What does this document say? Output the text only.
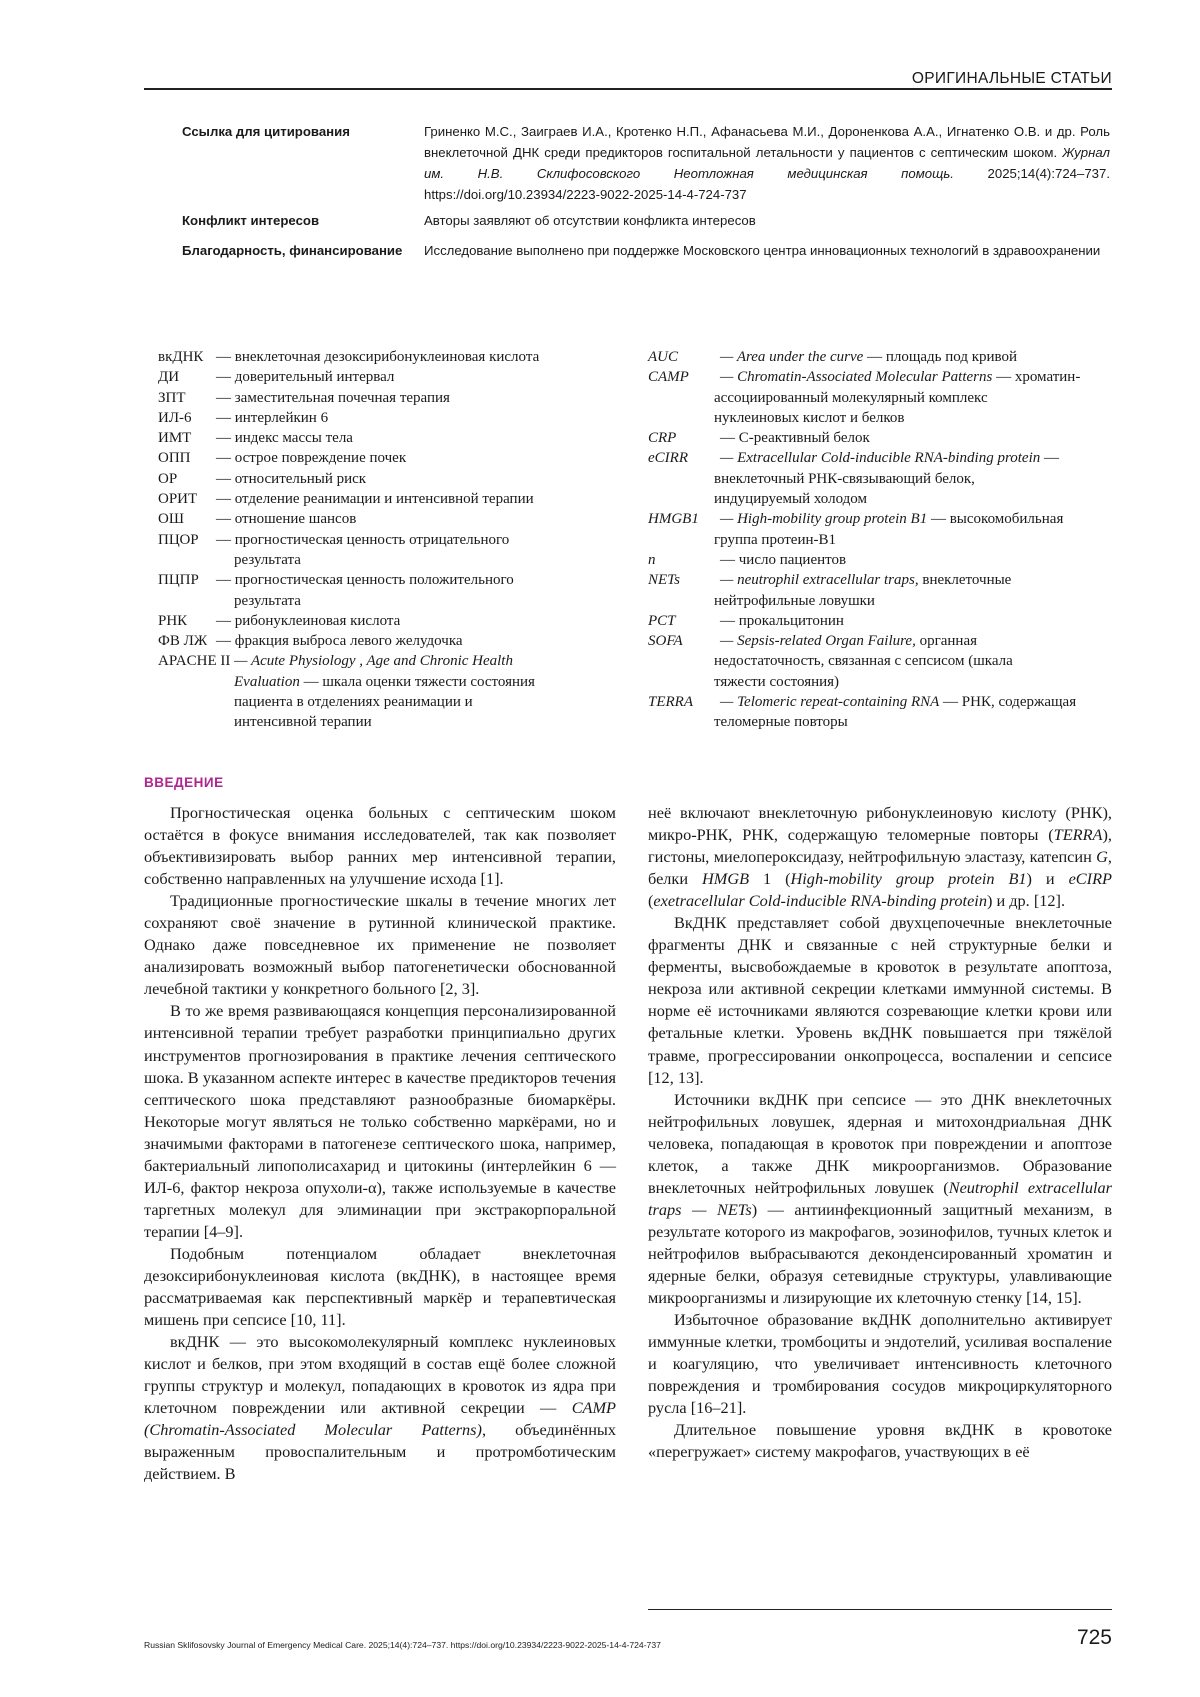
ОРИГИНАЛЬНЫЕ СТАТЬИ
Ссылка для цитирования	Гриненко М.С., Заиграев И.А., Кротенко Н.П., Афанасьева М.И., Дороненкова А.А., Игнатенко О.В. и др. Роль внеклеточной ДНК среди предикторов госпитальной летальности у пациентов с септическим шоком. Журнал им. Н.В. Склифосовского Неотложная медицинская помощь. 2025;14(4):724–737. https://doi.org/10.23934/2223-9022-2025-14-4-724-737
Конфликт интересов	Авторы заявляют об отсутствии конфликта интересов
Благодарность, финансирование	Исследование выполнено при поддержке Московского центра инновационных технологий в здравоохранении
вкДНК — внеклеточная дезоксирибонуклеиновая кислота
ДИ	— доверительный интервал
ЗПТ	— заместительная почечная терапия
ИЛ-6	— интерлейкин 6
ИМТ	— индекс массы тела
ОПП	— острое повреждение почек
ОР	— относительный риск
ОРИТ	— отделение реанимации и интенсивной терапии
ОШ	— отношение шансов
ПЦОР	— прогностическая ценность отрицательного
результата
ПЦПР	— прогностическая ценность положительного
результата
РНК	— рибонуклеиновая кислота
ФВ ЛЖ — фракция выброса левого желудочка
APACHE II
— Acute Physiology , Age and Chronic Health
Evaluation — шкала оценки тяжести состояния
пациента в отделениях реанимации и
интенсивной терапии
AUC	— Area under the curve — площадь под кривой
CAMP	— Chromatin-Associated Molecular Patterns — хроматин-
ассоциированный молекулярный комплекс
нуклеиновых кислот и белков
CRP	— С-реактивный белок
eCIRR	— Extracellular Cold-inducible RNA-binding protein —
внеклеточный РНК-связывающий белок,
индуцируемый холодом
HMGB1	— High-mobility group protein B1 — высокомобильная
группа протеин-В1
n	— число пациентов
NETs	— neutrophil extracellular traps, внеклеточные
нейтрофильные ловушки
PCT	— прокальцитонин
SOFA	— Sepsis-related Organ Failure, органная
недостаточность, связанная с сепсисом (шкала
тяжести состояния)
TERRA	— Telomeric repeat-containing RNA — РНК, содержащая
теломерные повторы
ВВЕДЕНИЕ

Прогностическая оценка больных с септическим шоком остаётся в фокусе внимания исследователей, так как позволяет объективизировать выбор ранних мер интенсивной терапии, собственно направленных на улучшение исхода [1].

Традиционные прогностические шкалы в течение многих лет сохраняют своё значение в рутинной клинической практике. Однако даже повседневное их применение не позволяет анализировать возможный выбор патогенетически обоснованной лечебной тактики у конкретного больного [2, 3].

В то же время развивающаяся концепция персонализированной интенсивной терапии требует разработки принципиально других инструментов прогнозирования в практике лечения септического шока. В указанном аспекте интерес в качестве предикторов течения септического шока представляют разнообразные биомаркёры. Некоторые могут являться не только собственно маркёрами, но и значимыми факторами в патогенезе септического шока, например, бактериальный липополисахарид и цитокины (интерлейкин 6 — ИЛ-6, фактор некроза опухоли-α), также используемые в качестве таргетных молекул для элиминации при экстракорпоральной терапии [4–9].

Подобным потенциалом обладает внеклеточная дезоксирибонуклеиновая кислота (вкДНК), в настоящее время рассматриваемая как перспективный маркёр и терапевтическая мишень при сепсисе [10, 11].

вкДНК — это высокомолекулярный комплекс нуклеиновых кислот и белков, при этом входящий в состав ещё более сложной группы структур и молекул, попадающих в кровоток из ядра при клеточном повреждении или активной секреции — CAMP (Chromatin-Associated Molecular Patterns), объединённых выраженным провоспалительным и протромботическим действием. В

неё включают внеклеточную рибонуклеиновую кислоту (РНК), микро-РНК, РНК, содержащую теломерные повторы (TERRA), гистоны, миелопероксидазу, нейтрофильную эластазу, катепсин G, белки HMGB 1 (High-mobility group protein B1) и eCIRP (exetracellular Cold-inducible RNA-binding protein) и др. [12].

ВкДНК представляет собой двухцепочечные внеклеточные фрагменты ДНК и связанные с ней структурные белки и ферменты, высвобождаемые в кровоток в результате апоптоза, некроза или активной секреции клетками иммунной системы. В норме её источниками являются созревающие клетки крови или фетальные клетки. Уровень вкДНК повышается при тяжёлой травме, прогрессировании онкопроцесса, воспалении и сепсисе [12, 13].

Источники вкДНК при сепсисе — это ДНК внеклеточных нейтрофильных ловушек, ядерная и митохондриальная ДНК человека, попадающая в кровоток при повреждении и апоптозе клеток, а также ДНК микроорганизмов. Образование внеклеточных нейтрофильных ловушек (Neutrophil extracellular traps — NETs) — антиинфекционный защитный механизм, в результате которого из макрофагов, эозинофилов, тучных клеток и нейтрофилов выбрасываются деконденсированный хроматин и ядерные белки, образуя сетевидные структуры, улавливающие микроорганизмы и лизирующие их клеточную стенку [14, 15].

Избыточное образование вкДНК дополнительно активирует иммунные клетки, тромбоциты и эндотелий, усиливая воспаление и коагуляцию, что увеличивает интенсивность клеточного повреждения и тромбирования сосудов микроциркуляторного русла [16–21].

Длительное повышение уровня вкДНК в кровотоке «перегружает» систему макрофагов, участвующих в её

Russian Sklifosovsky Journal of Emergency Medical Care. 2025;14(4):724–737. https://doi.org/10.23934/2223-9022-2025-14-4-724-737	725
